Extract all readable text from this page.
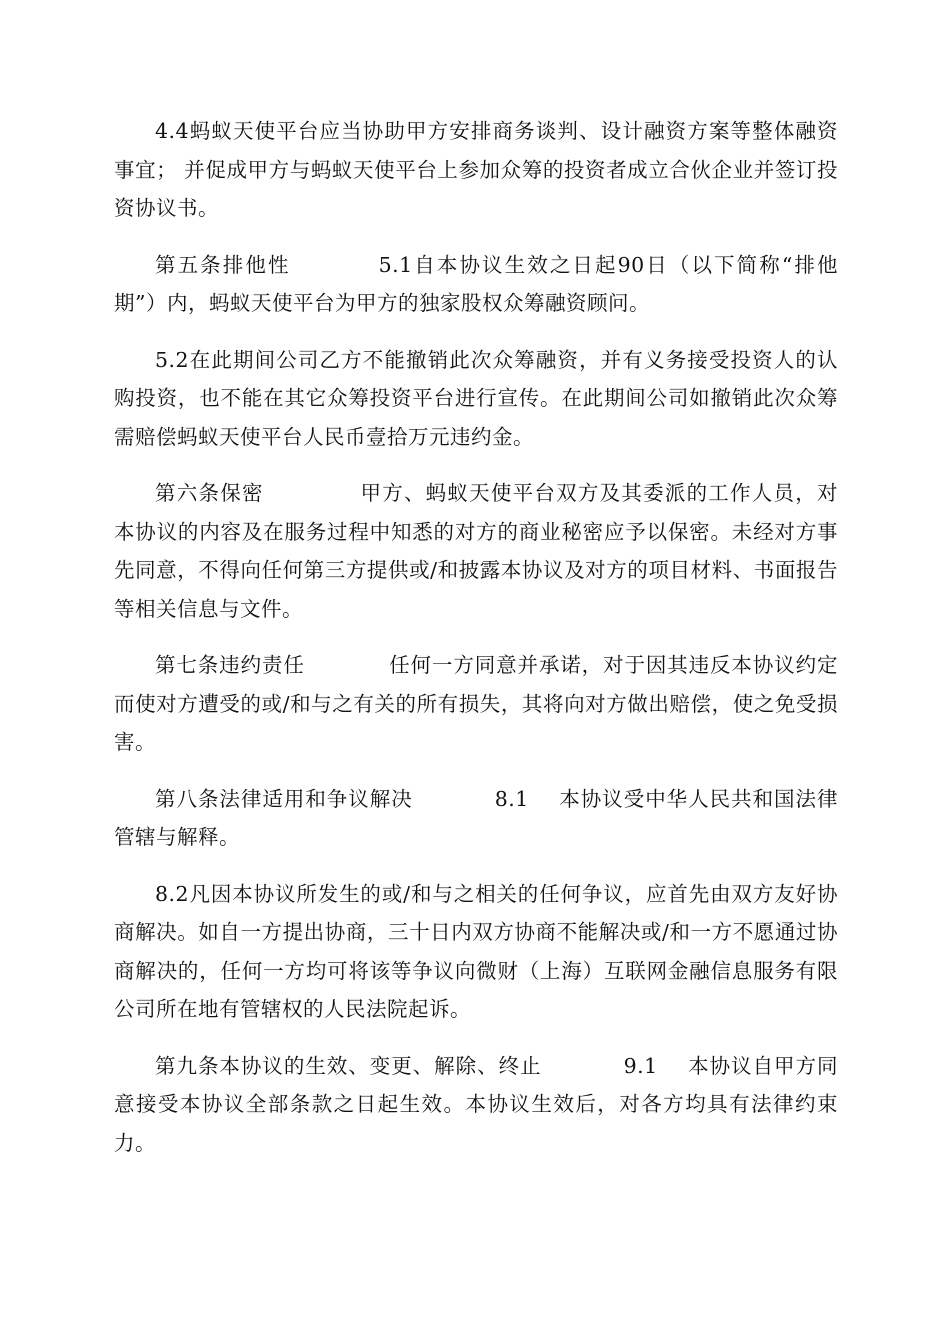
4.4蚂蚁天使平台应当协助甲方安排商务谈判、设计融资方案等整体融资事宜； 并促成甲方与蚂蚁天使平台上参加众筹的投资者成立合伙企业并签订投资协议书。

第五条排他性	5.1自本协议生效之日起90日（以下简称“排他期”）内，蚂蚁天使平台为甲方的独家股权众筹融资顾问。

5.2在此期间公司乙方不能撤销此次众筹融资，并有义务接受投资人的认购投资，也不能在其它众筹投资平台进行宣传。在此期间公司如撤销此次众筹需赔偿蚂蚁天使平台人民币壹拾万元违约金。

第六条保密	甲方、蚂蚁天使平台双方及其委派的工作人员，对本协议的内容及在服务过程中知悉的对方的商业秘密应予以保密。未经对方事先同意，不得向任何第三方提供或/和披露本协议及对方的项目材料、书面报告等相关信息与文件。

第七条违约责任	任何一方同意并承诺，对于因其违反本协议约定而使对方遭受的或/和与之有关的所有损失，其将向对方做出赔偿，使之免受损害。

第八条法律适用和争议解决	8.1 本协议受中华人民共和国法律管辖与解释。

8.2凡因本协议所发生的或/和与之相关的任何争议，应首先由双方友好协商解决。如自一方提出协商，三十日内双方协商不能解决或/和一方不愿通过协商解决的，任何一方均可将该等争议向微财（上海）互联网金融信息服务有限公司所在地有管辖权的人民法院起诉。

第九条本协议的生效、变更、解除、终止	9.1 本协议自甲方同意接受本协议全部条款之日起生效。本协议生效后，对各方均具有法律约束力。
